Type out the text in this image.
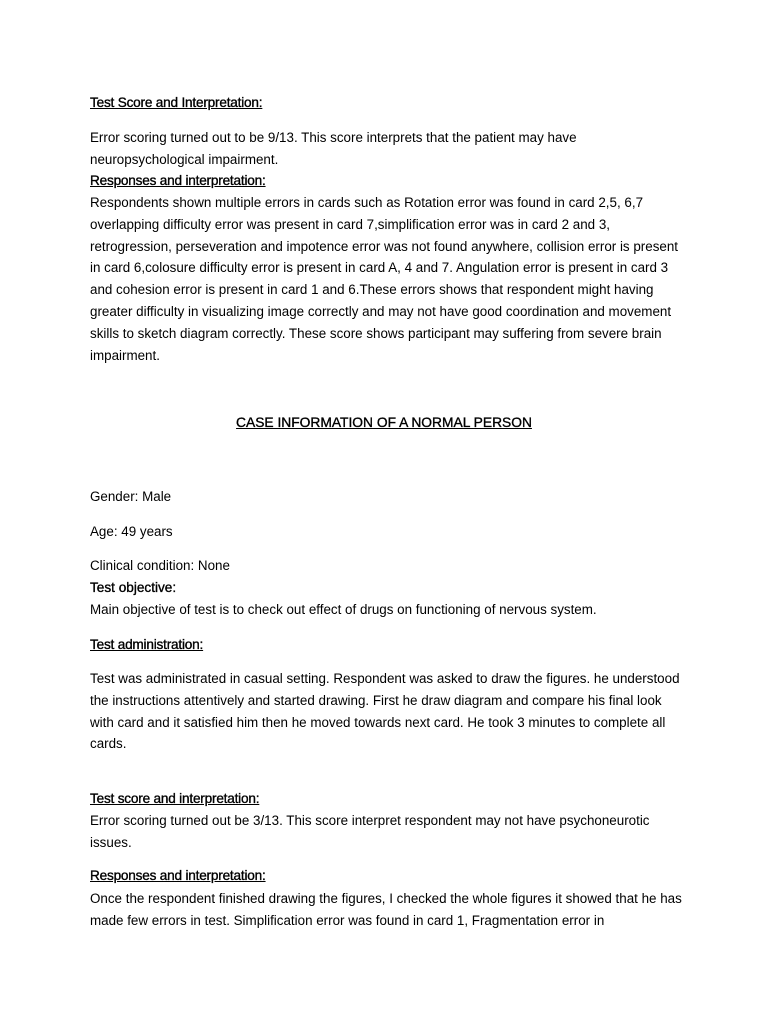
Test Score and Interpretation:

Error scoring turned out to be 9/13. This score interprets that the patient may have neuropsychological impairment.

Responses and interpretation:

Respondents shown multiple errors in cards such as Rotation error was found in card 2,5, 6,7 overlapping difficulty error was present in card 7,simplification error was in card 2 and 3, retrogression, perseveration and impotence error was not found anywhere, collision error is present in card 6,colosure difficulty error is present in card A, 4 and 7. Angulation error is present in card 3 and cohesion error is present in card 1 and 6.These errors shows that respondent might having greater difficulty in visualizing image correctly and may not have good coordination and movement skills to sketch diagram correctly. These score shows participant may suffering from severe brain impairment.

CASE INFORMATION OF A NORMAL PERSON

Gender: Male

Age: 49 years

Clinical condition: None

Test objective:

Main objective of test is to check out effect of drugs on functioning of nervous system.

Test administration:

Test was administrated in casual setting. Respondent was asked to draw the figures. he understood the instructions attentively and started drawing. First he draw diagram and compare his final look with card and it satisfied him then he moved towards next card. He took 3 minutes to complete all cards.

Test score and interpretation:

Error scoring turned out be 3/13. This score interpret respondent may not have psychoneurotic issues.

Responses and interpretation:

Once the respondent finished drawing the figures, I checked the whole figures it showed that he has made few errors in test. Simplification error was found in card 1, Fragmentation error in
